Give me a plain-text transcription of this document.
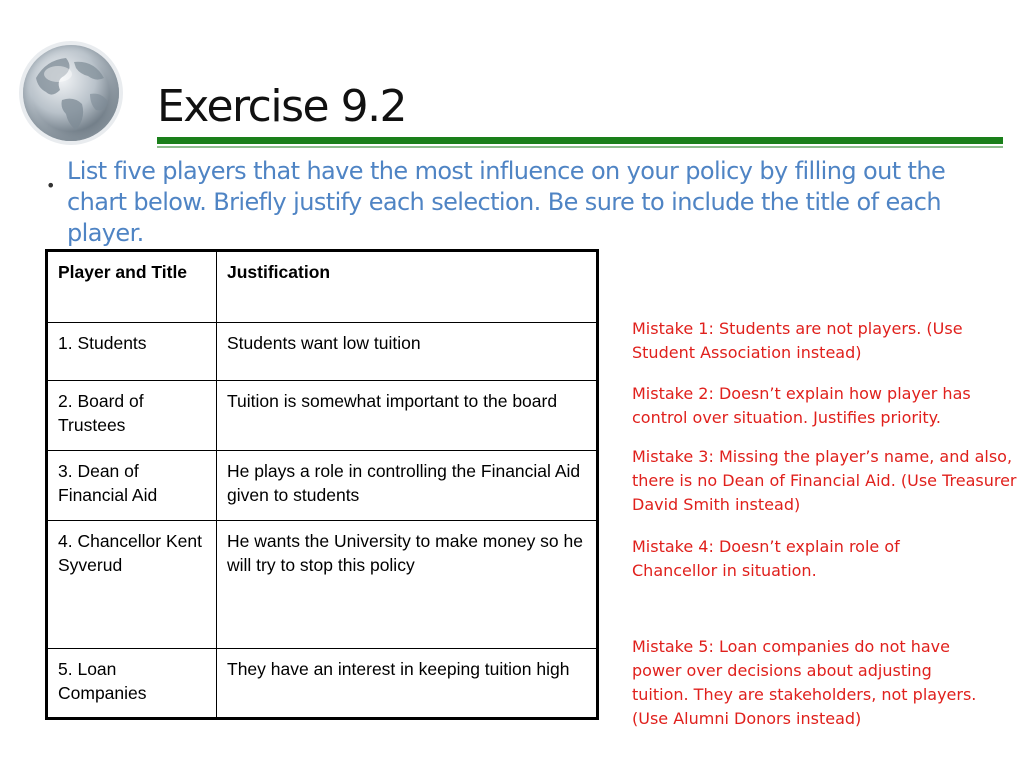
Exercise 9.2
•

List five players that have the most influence on your policy by filling out the chart below. Briefly justify each selection. Be sure to include the title of each player.

Player and Title	Justification
1. Students	Students want low tuition
2. Board of Trustees	Tuition is somewhat important to the board
3. Dean of Financial Aid	He plays a role in controlling the Financial Aid given to students
4. Chancellor Kent Syverud	He wants the University to make money so he will try to stop this policy
5. Loan Companies	They have an interest in keeping tuition high

Mistake 1: Students are not players. (Use Student Association instead)

Mistake 2: Doesn’t explain how player has control over situation. Justifies priority.

Mistake 3: Missing the player’s name, and also, there is no Dean of Financial Aid. (Use Treasurer David Smith instead)

Mistake 4: Doesn’t explain role of Chancellor in situation.

Mistake 5: Loan companies do not have power over decisions about adjusting tuition. They are stakeholders, not players. (Use Alumni Donors instead)
